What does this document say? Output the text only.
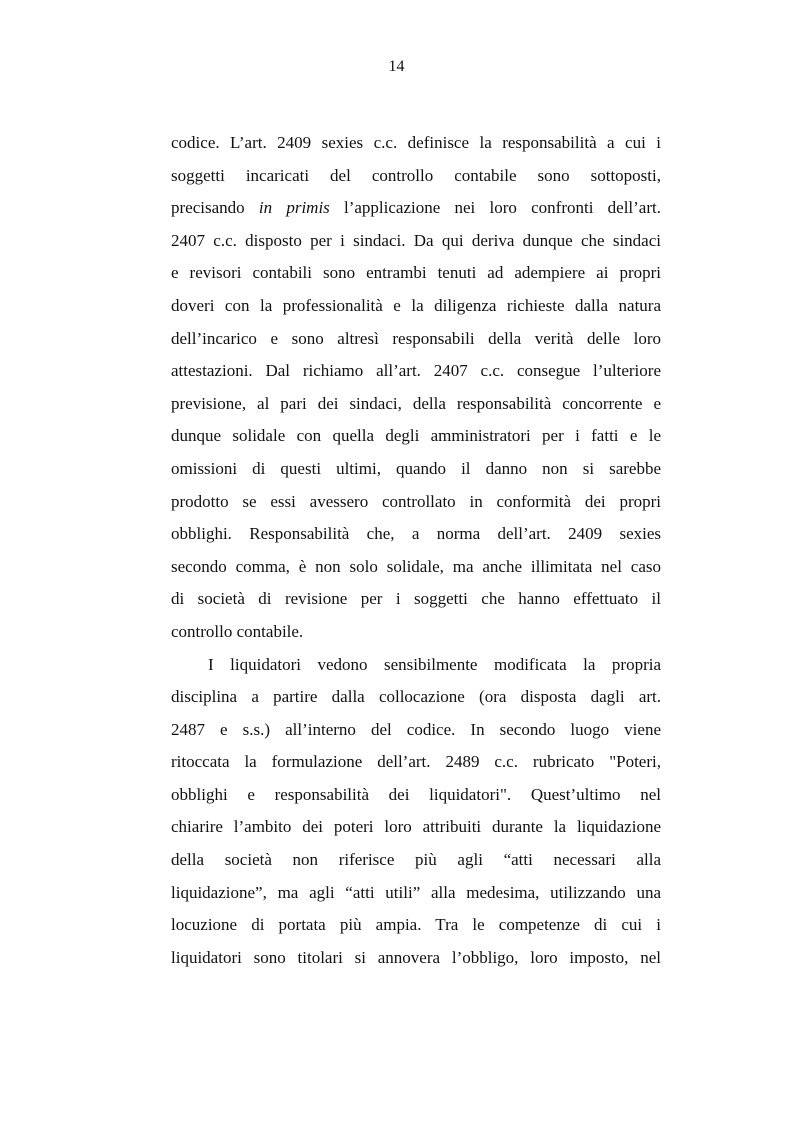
14
codice. L’art. 2409 sexies c.c. definisce la responsabilità a cui i
soggetti incaricati del controllo contabile sono sottoposti,
precisando in primis l’applicazione nei loro confronti dell’art.
2407 c.c. disposto per i sindaci. Da qui deriva dunque che sindaci
e revisori contabili sono entrambi tenuti ad adempiere ai propri
doveri con la professionalità e la diligenza richieste dalla natura
dell’incarico e sono altresì responsabili della verità delle loro
attestazioni. Dal richiamo all’art. 2407 c.c. consegue l’ulteriore
previsione, al pari dei sindaci, della responsabilità concorrente e
dunque solidale con quella degli amministratori per i fatti e le
omissioni di questi ultimi, quando il danno non si sarebbe
prodotto se essi avessero controllato in conformità dei propri
obblighi. Responsabilità che, a norma dell’art. 2409 sexies
secondo comma, è non solo solidale, ma anche illimitata nel caso
di società di revisione per i soggetti che hanno effettuato il
controllo contabile.
I liquidatori vedono sensibilmente modificata la propria
disciplina a partire dalla collocazione (ora disposta dagli art.
2487 e s.s.) all’interno del codice. In secondo luogo viene
ritoccata la formulazione dell’art. 2489 c.c. rubricato "Poteri,
obblighi e responsabilità dei liquidatori". Quest’ultimo nel
chiarire l’ambito dei poteri loro attribuiti durante la liquidazione
della società non riferisce più agli “atti necessari alla
liquidazione”, ma agli “atti utili” alla medesima, utilizzando una
locuzione di portata più ampia. Tra le competenze di cui i
liquidatori sono titolari si annovera l’obbligo, loro imposto, nel
